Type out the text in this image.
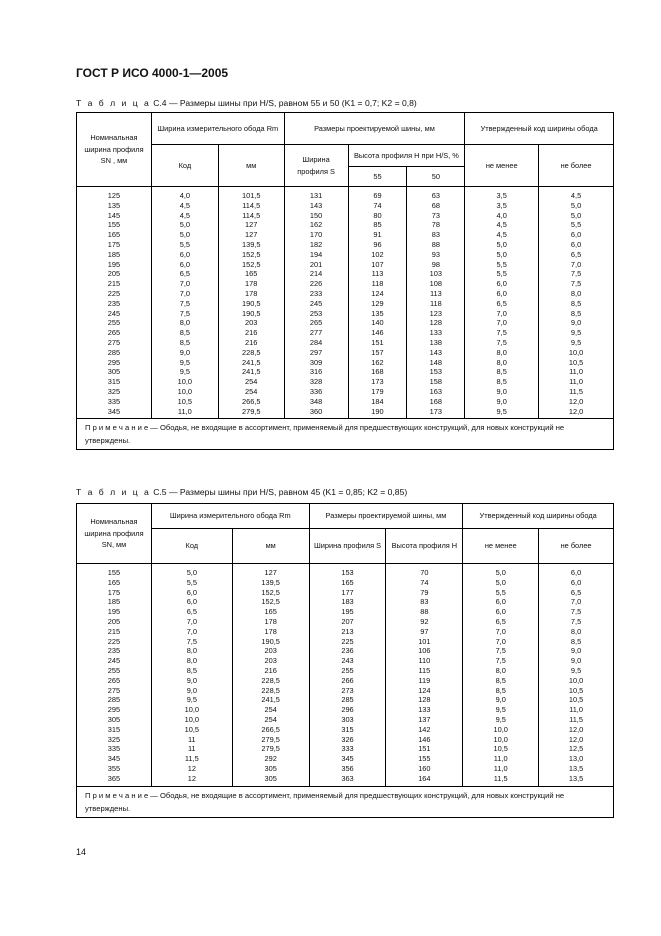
ГОСТ Р ИСО 4000-1—2005
Т а б л и ц а C.4 — Размеры шины при H/S, равном 55 и 50 (K1 = 0,7; K2 = 0,8)
Номинальная ширина профиля SN , мм	Ширина измерительного обода Rm		Размеры проектируемой шины, мм			Утвержденный код ширины обода	
	Код	мм	Ширина профиля S	Высота профиля H при H/S, %		не менее	не более
				55	50		
125	4,0	101,5	131	69	63	3,5	4,5
135	4,5	114,5	143	74	68	3,5	5,0
145	4,5	114,5	150	80	73	4,0	5,0
155	5,0	127	162	85	78	4,5	5,5
165	5,0	127	170	91	83	4,5	6,0
175	5,5	139,5	182	96	88	5,0	6,0
185	6,0	152,5	194	102	93	5,0	6,5
195	6,0	152,5	201	107	98	5,5	7,0
205	6,5	165	214	113	103	5,5	7,5
215	7,0	178	226	118	108	6,0	7,5
225	7,0	178	233	124	113	6,0	8,0
235	7,5	190,5	245	129	118	6,5	8,5
245	7,5	190,5	253	135	123	7,0	8,5
255	8,0	203	265	140	128	7,0	9,0
265	8,5	216	277	146	133	7,5	9,5
275	8,5	216	284	151	138	7,5	9,5
285	9,0	228,5	297	157	143	8,0	10,0
295	9,5	241,5	309	162	148	8,0	10,5
305	9,5	241,5	316	168	153	8,5	11,0
315	10,0	254	328	173	158	8,5	11,0
325	10,0	254	336	179	163	9,0	11,5
335	10,5	266,5	348	184	168	9,0	12,0
345	11,0	279,5	360	190	173	9,5	12,0
П р и м е ч а н и е — Ободья, не входящие в ассортимент, применяемый для предшествующих конструкций, для новых конструкций не утверждены.							
Т а б л и ц а C.5 — Размеры шины при H/S, равном 45 (K1 = 0,85; K2 = 0,85)
Номинальная ширина профиля SN, мм	Ширина измерительного обода Rm		Размеры проектируемой шины, мм		Утвержденный код ширины обода	
	Код	мм	Ширина профиля S	Высота профиля H	не менее	не более
155	5,0	127	153	70	5,0	6,0
165	5,5	139,5	165	74	5,0	6,0
175	6,0	152,5	177	79	5,5	6,5
185	6,0	152,5	183	83	6,0	7,0
195	6,5	165	195	88	6,0	7,5
205	7,0	178	207	92	6,5	7,5
215	7,0	178	213	97	7,0	8,0
225	7,5	190,5	225	101	7,0	8,5
235	8,0	203	236	106	7,5	9,0
245	8,0	203	243	110	7,5	9,0
255	8,5	216	255	115	8,0	9,5
265	9,0	228,5	266	119	8,5	10,0
275	9,0	228,5	273	124	8,5	10,5
285	9,5	241,5	285	128	9,0	10,5
295	10,0	254	296	133	9,5	11,0
305	10,0	254	303	137	9,5	11,5
315	10,5	266,5	315	142	10,0	12,0
325	11	279,5	326	146	10,0	12,0
335	11	279,5	333	151	10,5	12,5
345	11,5	292	345	155	11,0	13,0
355	12	305	356	160	11,0	13,5
365	12	305	363	164	11,5	13,5
П р и м е ч а н и е — Ободья, не входящие в ассортимент, применяемый для предшествующих конструкций, для новых конструкций не утверждены.						
14
